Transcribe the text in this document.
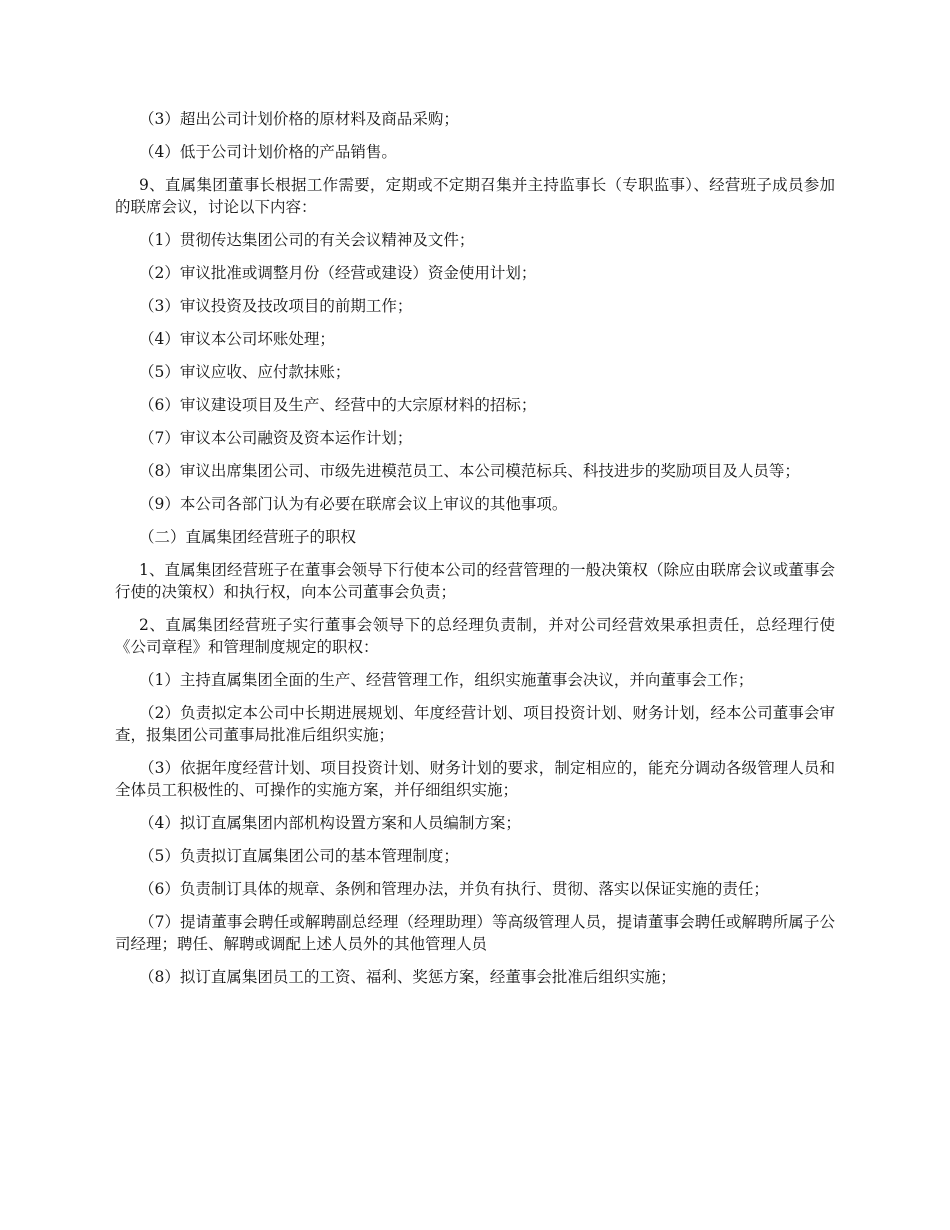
（3）超出公司计划价格的原材料及商品采购；

（4）低于公司计划价格的产品销售。

9、直属集团董事长根据工作需要，定期或不定期召集并主持监事长（专职监事）、经营班子成员参加的联席会议，讨论以下内容：

（1）贯彻传达集团公司的有关会议精神及文件；

（2）审议批准或调整月份（经营或建设）资金使用计划；

（3）审议投资及技改项目的前期工作；

（4）审议本公司坏账处理；

（5）审议应收、应付款抹账；

（6）审议建设项目及生产、经营中的大宗原材料的招标；

（7）审议本公司融资及资本运作计划；

（8）审议出席集团公司、市级先进模范员工、本公司模范标兵、科技进步的奖励项目及人员等；

（9）本公司各部门认为有必要在联席会议上审议的其他事项。

（二）直属集团经营班子的职权

1、直属集团经营班子在董事会领导下行使本公司的经营管理的一般决策权（除应由联席会议或董事会行使的决策权）和执行权，向本公司董事会负责；

2、直属集团经营班子实行董事会领导下的总经理负责制，并对公司经营效果承担责任，总经理行使《公司章程》和管理制度规定的职权：

（1）主持直属集团全面的生产、经营管理工作，组织实施董事会决议，并向董事会工作；

（2）负责拟定本公司中长期进展规划、年度经营计划、项目投资计划、财务计划，经本公司董事会审查，报集团公司董事局批准后组织实施；

（3）依据年度经营计划、项目投资计划、财务计划的要求，制定相应的，能充分调动各级管理人员和全体员工积极性的、可操作的实施方案，并仔细组织实施；

（4）拟订直属集团内部机构设置方案和人员编制方案；

（5）负责拟订直属集团公司的基本管理制度；

（6）负责制订具体的规章、条例和管理办法，并负有执行、贯彻、落实以保证实施的责任；

（7）提请董事会聘任或解聘副总经理（经理助理）等高级管理人员，提请董事会聘任或解聘所属子公司经理；聘任、解聘或调配上述人员外的其他管理人员

（8）拟订直属集团员工的工资、福利、奖惩方案，经董事会批准后组织实施；
